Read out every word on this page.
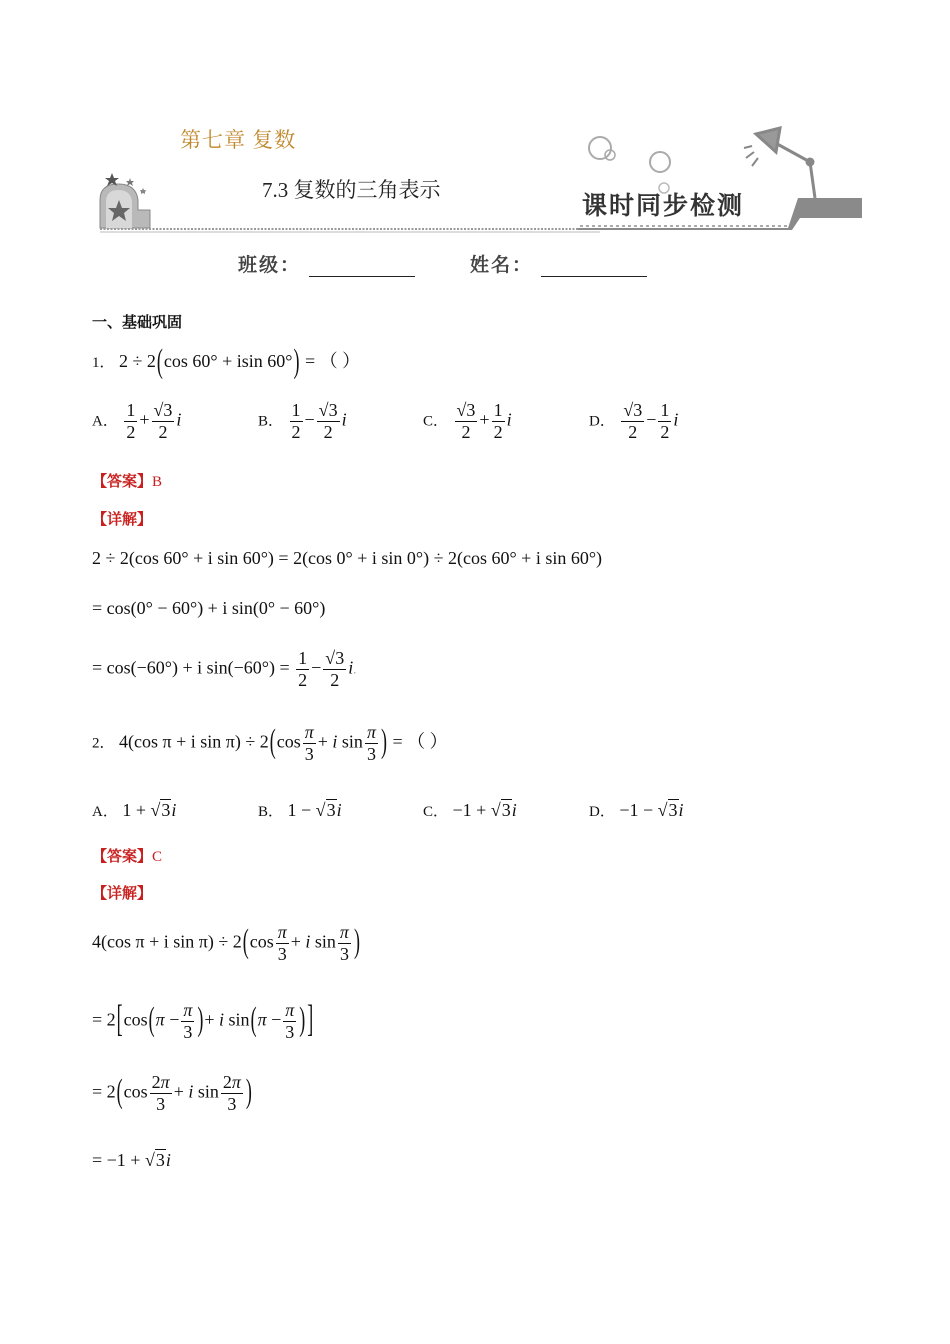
第七章 复数
7.3 复数的三角表示
课时同步检测
班级：	姓名：
一、基础巩固
1． 2 ÷ 2(cos 60° + isin 60°) = （ ）
A． $\frac{1}{2} + \frac{√3}{2}$ i	B． $\frac{1}{2} - \frac{√3}{2}$ i	C． $\frac{√3}{2} + \frac{1}{2}$ i	D． $\frac{√3}{2} - \frac{1}{2}$ i
【答案】B
【详解】
2 ÷ 2(cos 60° + i sin 60°) = 2(cos 0° + i sin 0°) ÷ 2(cos 60° + i sin 60°)
= cos(0° − 60°) + i sin(0° − 60°)
= cos(−60°) + i $\sin(-60^\circ) = \frac{1}{2} - \frac{√3}{2} i$.
2． 4(cos π + i $\sin \pi) \div 2(\cos \frac{\pi}{3} + i$ $\sin \frac{\pi}{3}$ ) = （ ）
A． 1 + √3i	B． 1 − √3i	C． −1 + √3i	D． −1 − √3i
【答案】C
【详解】
4(cos π + i $\sin \pi) \div 2(\cos \frac{\pi}{3} + i$ $\sin \frac{\pi}{3}$ )
= $2[\cos(\pi - \frac{\pi}{3}$ )+ i $\sin(\pi - \frac{\pi}{3}$ ) ]
= $2(\cos \frac{2\pi}{3} + i$ $\sin \frac{2\pi}{3}$ )
= −1 + √3i
